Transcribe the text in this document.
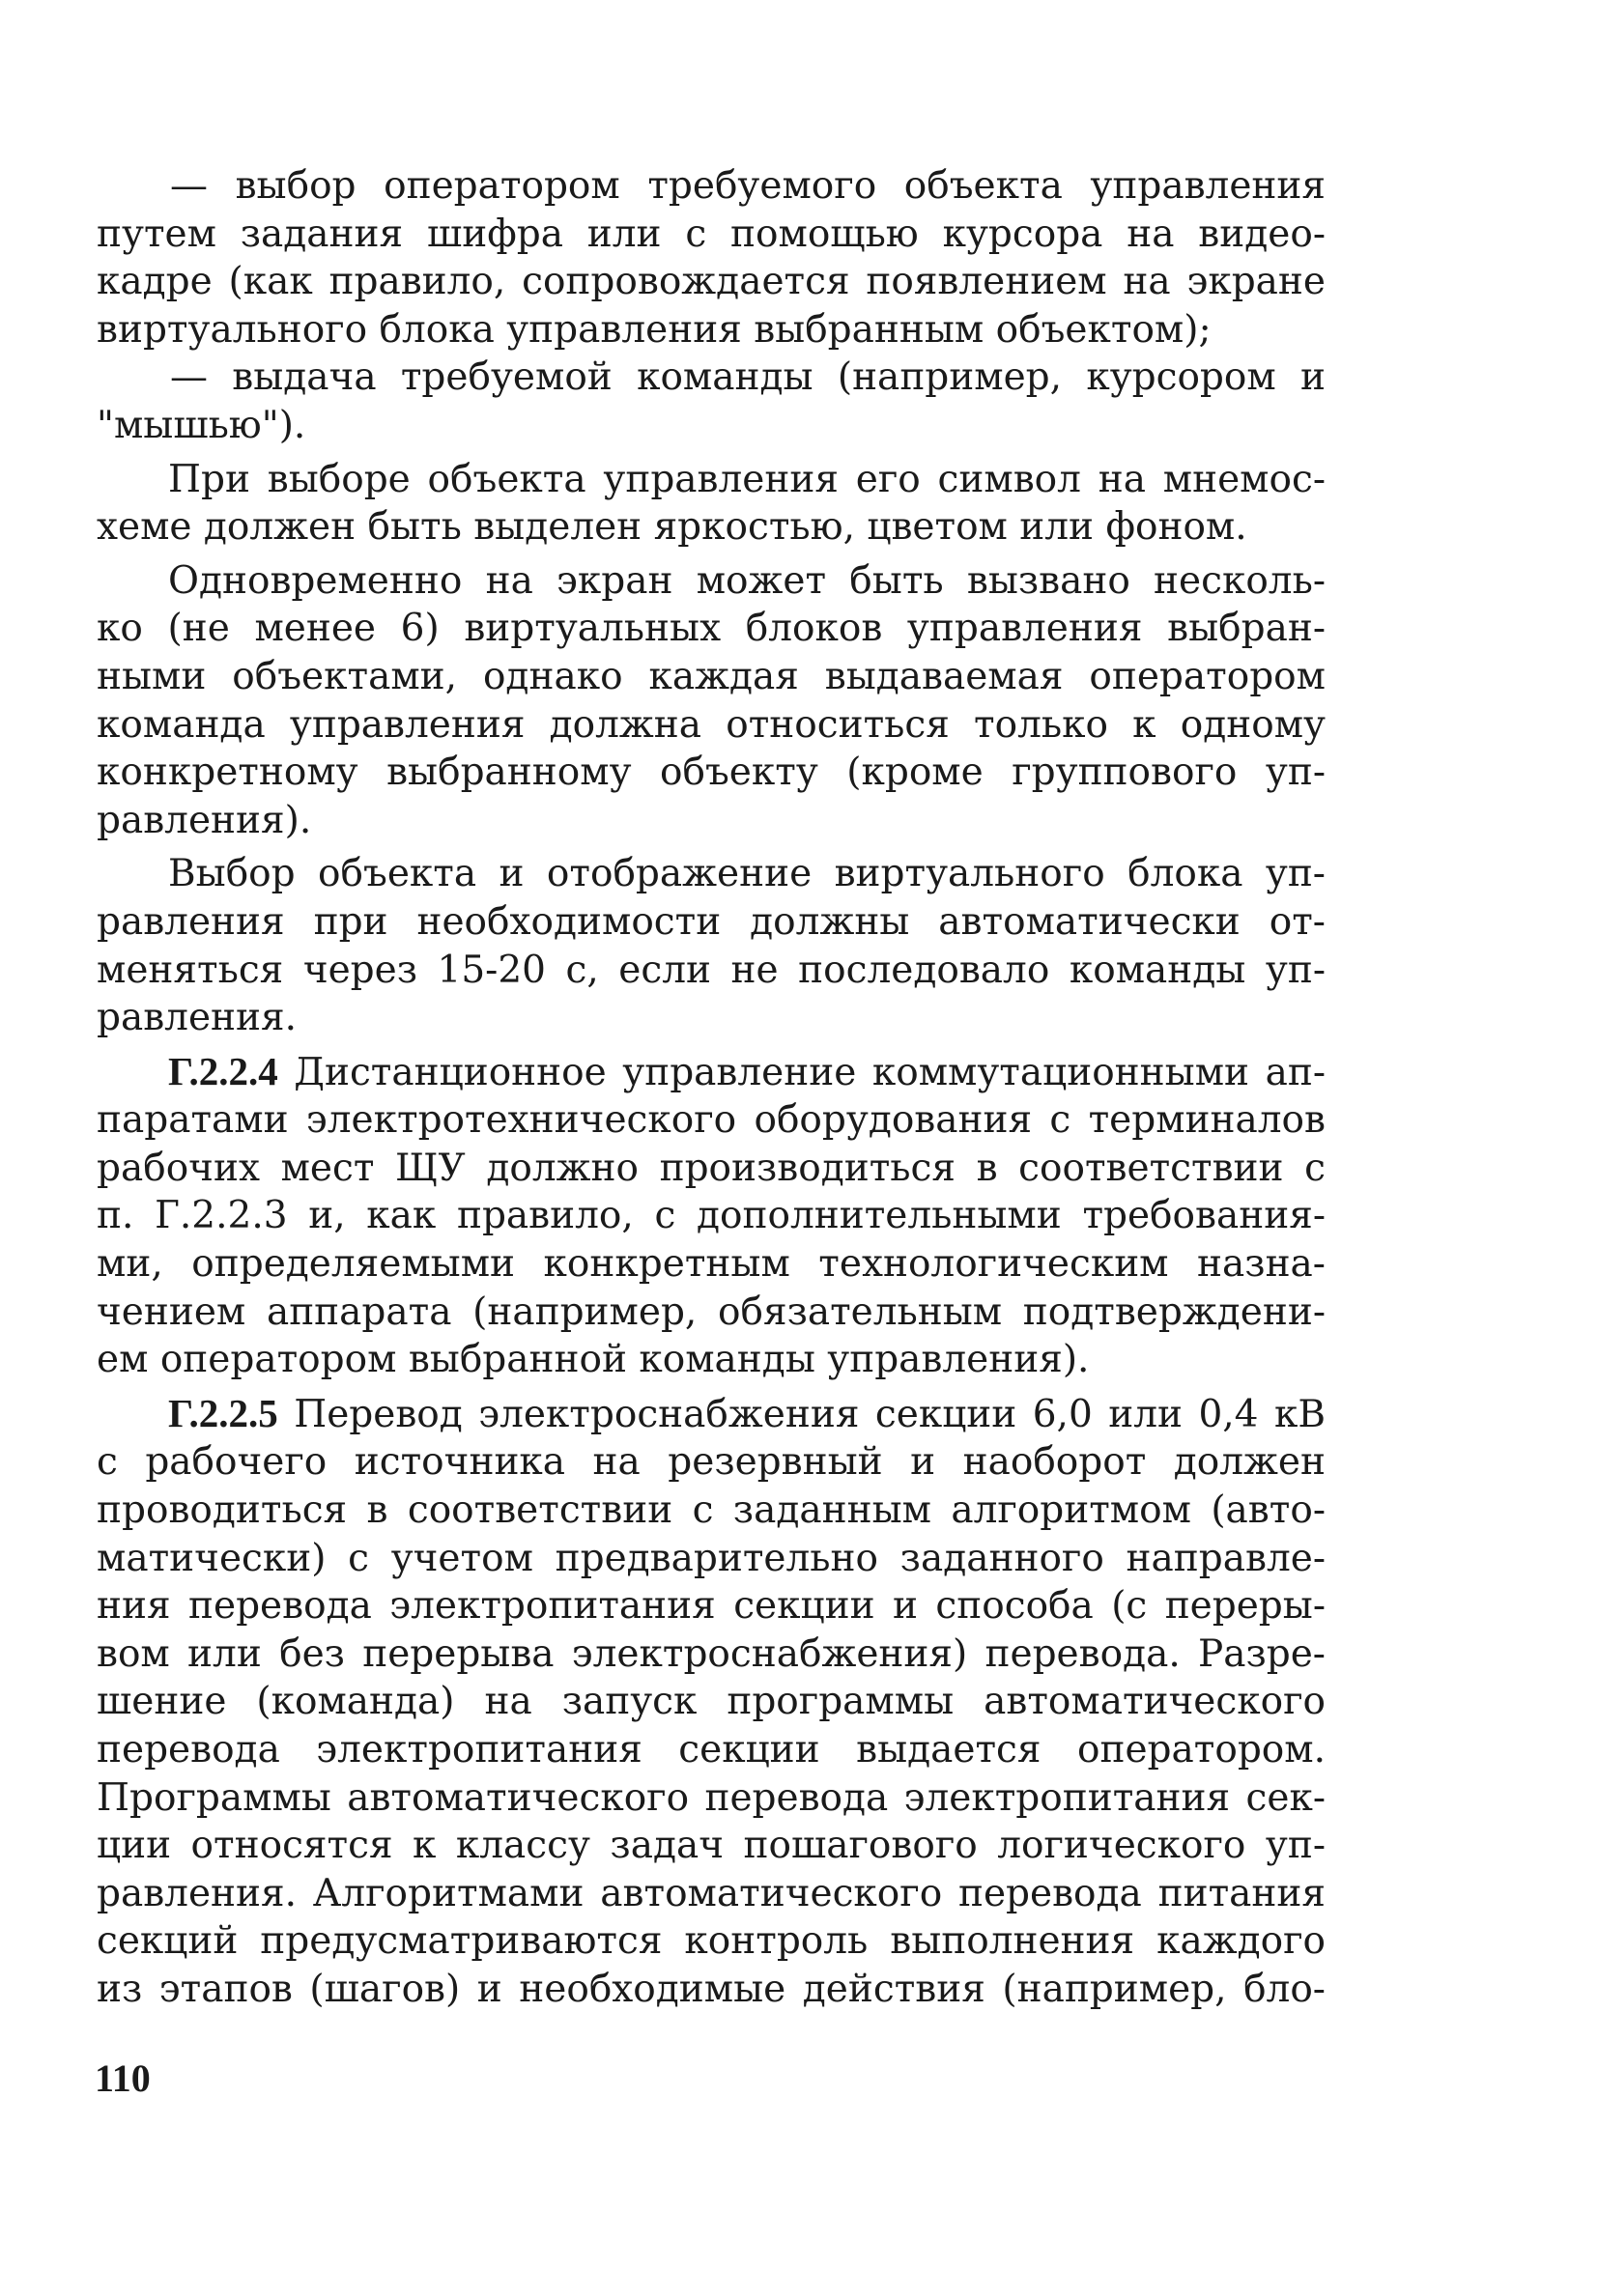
— выбор оператором требуемого объекта управления
путем задания шифра или с помощью курсора на видео-
кадре (как правило, сопровождается появлением на экране
виртуального блока управления выбранным объектом);
— выдача требуемой команды (например, курсором и
"мышью").
При выборе объекта управления его символ на мнемос-
хеме должен быть выделен яркостью, цветом или фоном.
Одновременно на экран может быть вызвано несколь-
ко (не менее 6) виртуальных блоков управления выбран-
ными объектами, однако каждая выдаваемая оператором
команда управления должна относиться только к одному
конкретному выбранному объекту (кроме группового уп-
равления).
Выбор объекта и отображение виртуального блока уп-
равления при необходимости должны автоматически от-
меняться через 15-20 с, если не последовало команды уп-
равления.
Г.2.2.4 Дистанционное управление коммутационными ап-
паратами электротехнического оборудования с терминалов
рабочих мест ЩУ должно производиться в соответствии с
п. Г.2.2.3 и, как правило, с дополнительными требования-
ми, определяемыми конкретным технологическим назна-
чением аппарата (например, обязательным подтверждени-
ем оператором выбранной команды управления).
Г.2.2.5 Перевод электроснабжения секции 6,0 или 0,4 кВ
с рабочего источника на резервный и наоборот должен
проводиться в соответствии с заданным алгоритмом (авто-
матически) с учетом предварительно заданного направле-
ния перевода электропитания секции и способа (с переры-
вом или без перерыва электроснабжения) перевода. Разре-
шение (команда) на запуск программы автоматического
перевода электропитания секции выдается оператором.
Программы автоматического перевода электропитания сек-
ции относятся к классу задач пошагового логического уп-
равления. Алгоритмами автоматического перевода питания
секций предусматриваются контроль выполнения каждого
из этапов (шагов) и необходимые действия (например, бло-
110
